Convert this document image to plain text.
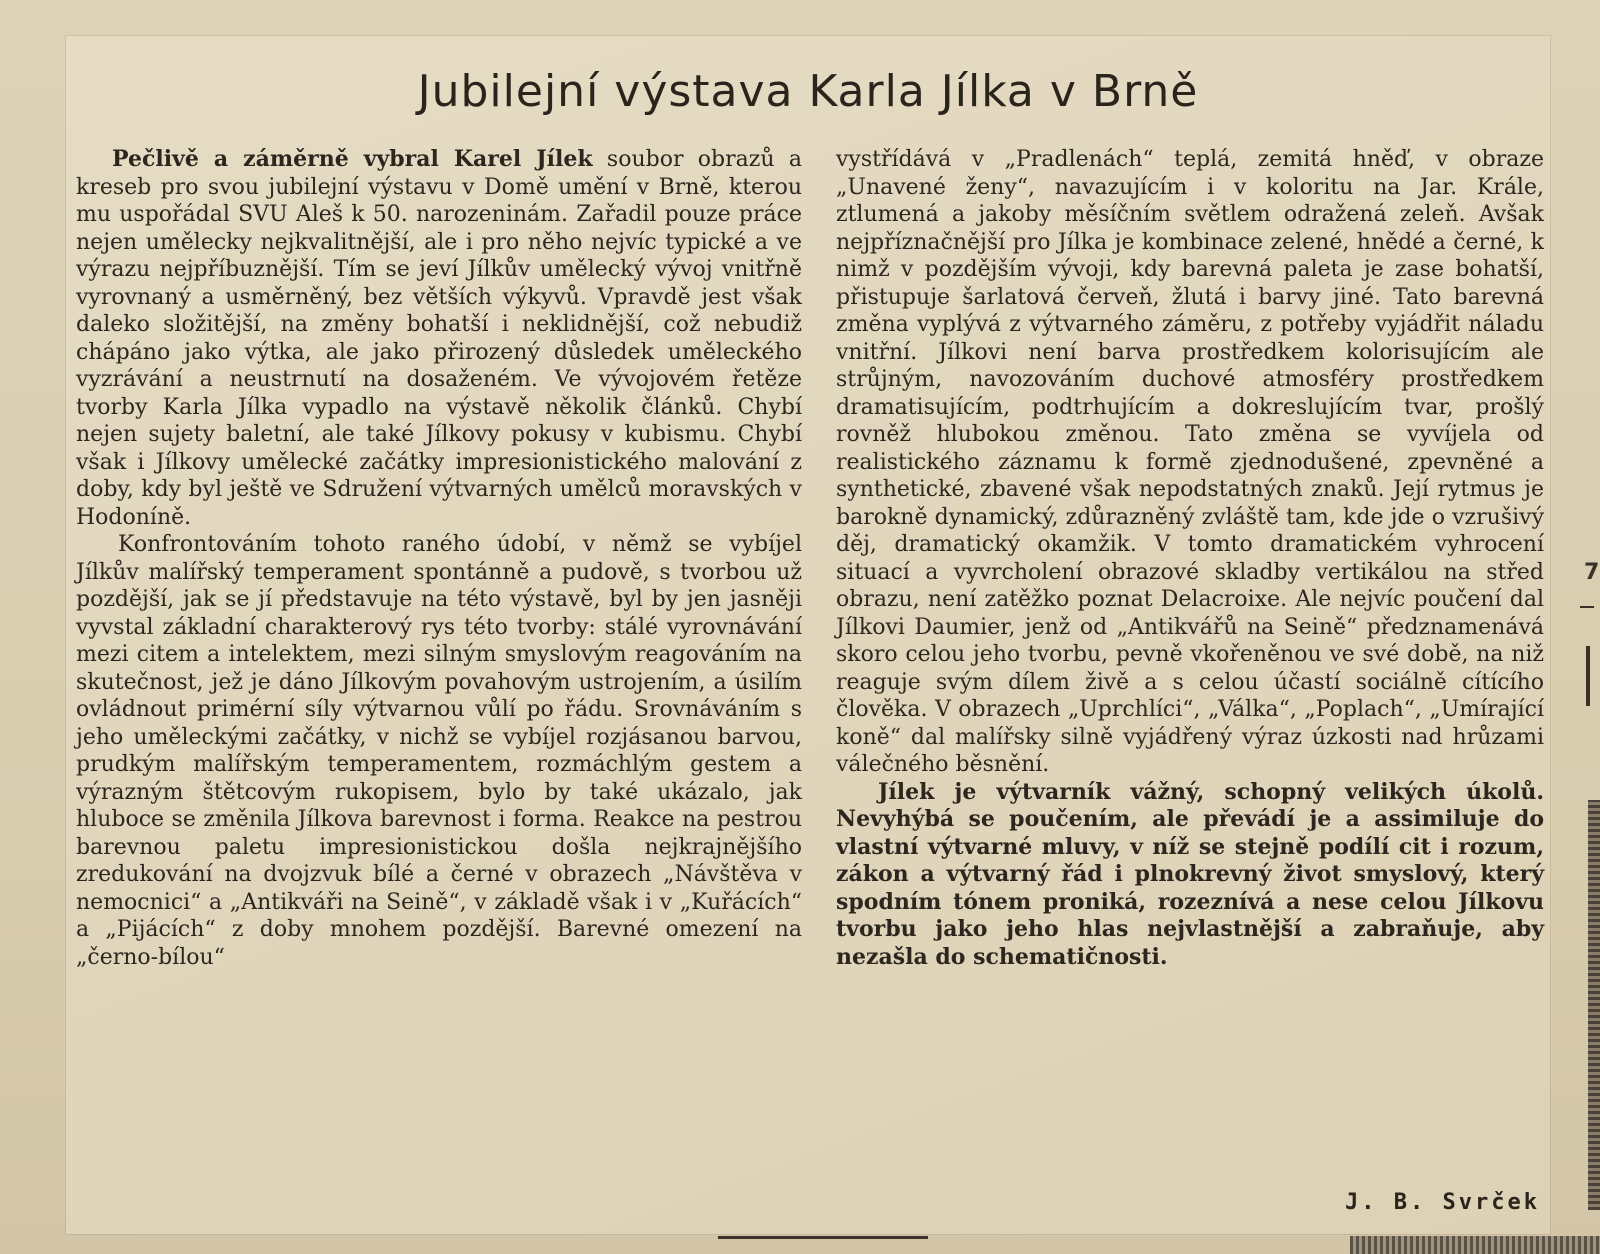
Jubilejní výstava Karla Jílka v Brně

Pečlivě a záměrně vybral Karel Jílek soubor obrazů a kreseb pro svou jubilejní výstavu v Domě umění v Brně, kterou mu uspořádal SVU Aleš k 50. narozeninám. Zařadil pouze práce nejen umělecky nejkvalitnější, ale i pro něho nejvíc typické a ve výrazu nejpříbuznější. Tím se jeví Jílkův umělecký vývoj vnitřně vyrovnaný a usměrněný, bez větších výkyvů. Vpravdě jest však daleko složitější, na změny bohatší i neklidnější, což nebudiž chápáno jako výtka, ale jako přirozený důsledek uměleckého vyzrávání a neustrnutí na dosaženém. Ve vývojovém řetěze tvorby Karla Jílka vypadlo na výstavě několik článků. Chybí nejen sujety baletní, ale také Jílkovy pokusy v kubismu. Chybí však i Jílkovy umělecké začátky impresionistického malování z doby, kdy byl ještě ve Sdružení výtvarných umělců moravských v Hodoníně.

Konfrontováním tohoto raného údobí, v němž se vybíjel Jílkův malířský temperament spontánně a pudově, s tvorbou už pozdější, jak se jí představuje na této výstavě, byl by jen jasněji vyvstal základní charakterový rys této tvorby: stálé vyrovnávání mezi citem a intelektem, mezi silným smyslovým reagováním na skutečnost, jež je dáno Jílkovým povahovým ustrojením, a úsilím ovládnout primérní síly výtvarnou vůlí po řádu. Srovnáváním s jeho uměleckými začátky, v nichž se vybíjel rozjásanou barvou, prudkým malířským temperamentem, rozmáchlým gestem a výrazným štětcovým rukopisem, bylo by také ukázalo, jak hluboce se změnila Jílkova barevnost i forma. Reakce na pestrou barevnou paletu impresionistickou došla nejkrajnějšího zredukování na dvojzvuk bílé a černé v obrazech „Návštěva v nemocnici“ a „Antikváři na Seině“, v základě však i v „Kuřácích“ a „Pijácích“ z doby mnohem pozdější. Barevné omezení na „černo-bílou“

vystřídává v „Pradlenách“ teplá, zemitá hněď, v obraze „Unavené ženy“, navazujícím i v koloritu na Jar. Krále, ztlumená a jakoby měsíčním světlem odražená zeleň. Avšak nejpříznačnější pro Jílka je kombinace zelené, hnědé a černé, k nimž v pozdějším vývoji, kdy barevná paleta je zase bohatší, přistupuje šarlatová červeň, žlutá i barvy jiné. Tato barevná změna vyplývá z výtvarného záměru, z potřeby vyjádřit náladu vnitřní. Jílkovi není barva prostředkem kolorisujícím ale strůjným, navozováním duchové atmosféry prostředkem dramatisujícím, podtrhujícím a dokreslujícím tvar, prošlý rovněž hlubokou změnou. Tato změna se vyvíjela od realistického záznamu k formě zjednodušené, zpevněné a synthetické, zbavené však nepodstatných znaků. Její rytmus je barokně dynamický, zdůrazněný zvláště tam, kde jde o vzrušivý děj, dramatický okamžik. V tomto dramatickém vyhrocení situací a vyvrcholení obrazové skladby vertikálou na střed obrazu, není zatěžko poznat Delacroixe. Ale nejvíc poučení dal Jílkovi Daumier, jenž od „Antikvářů na Seině“ předznamenává skoro celou jeho tvorbu, pevně vkořeněnou ve své době, na niž reaguje svým dílem živě a s celou účastí sociálně cítícího člověka. V obrazech „Uprchlíci“, „Válka“, „Poplach“, „Umírající koně“ dal malířsky silně vyjádřený výraz úzkosti nad hrůzami válečného běsnění.

Jílek je výtvarník vážný, schopný velikých úkolů. Nevyhýbá se poučením, ale převádí je a assimiluje do vlastní výtvarné mluvy, v níž se stejně podílí cit i rozum, zákon a výtvarný řád i plnokrevný život smyslový, který spodním tónem proniká, rozeznívá a nese celou Jílkovu tvorbu jako jeho hlas nejvlastnější a zabraňuje, aby nezašla do schematičnosti.

J. B. Svrček
7
